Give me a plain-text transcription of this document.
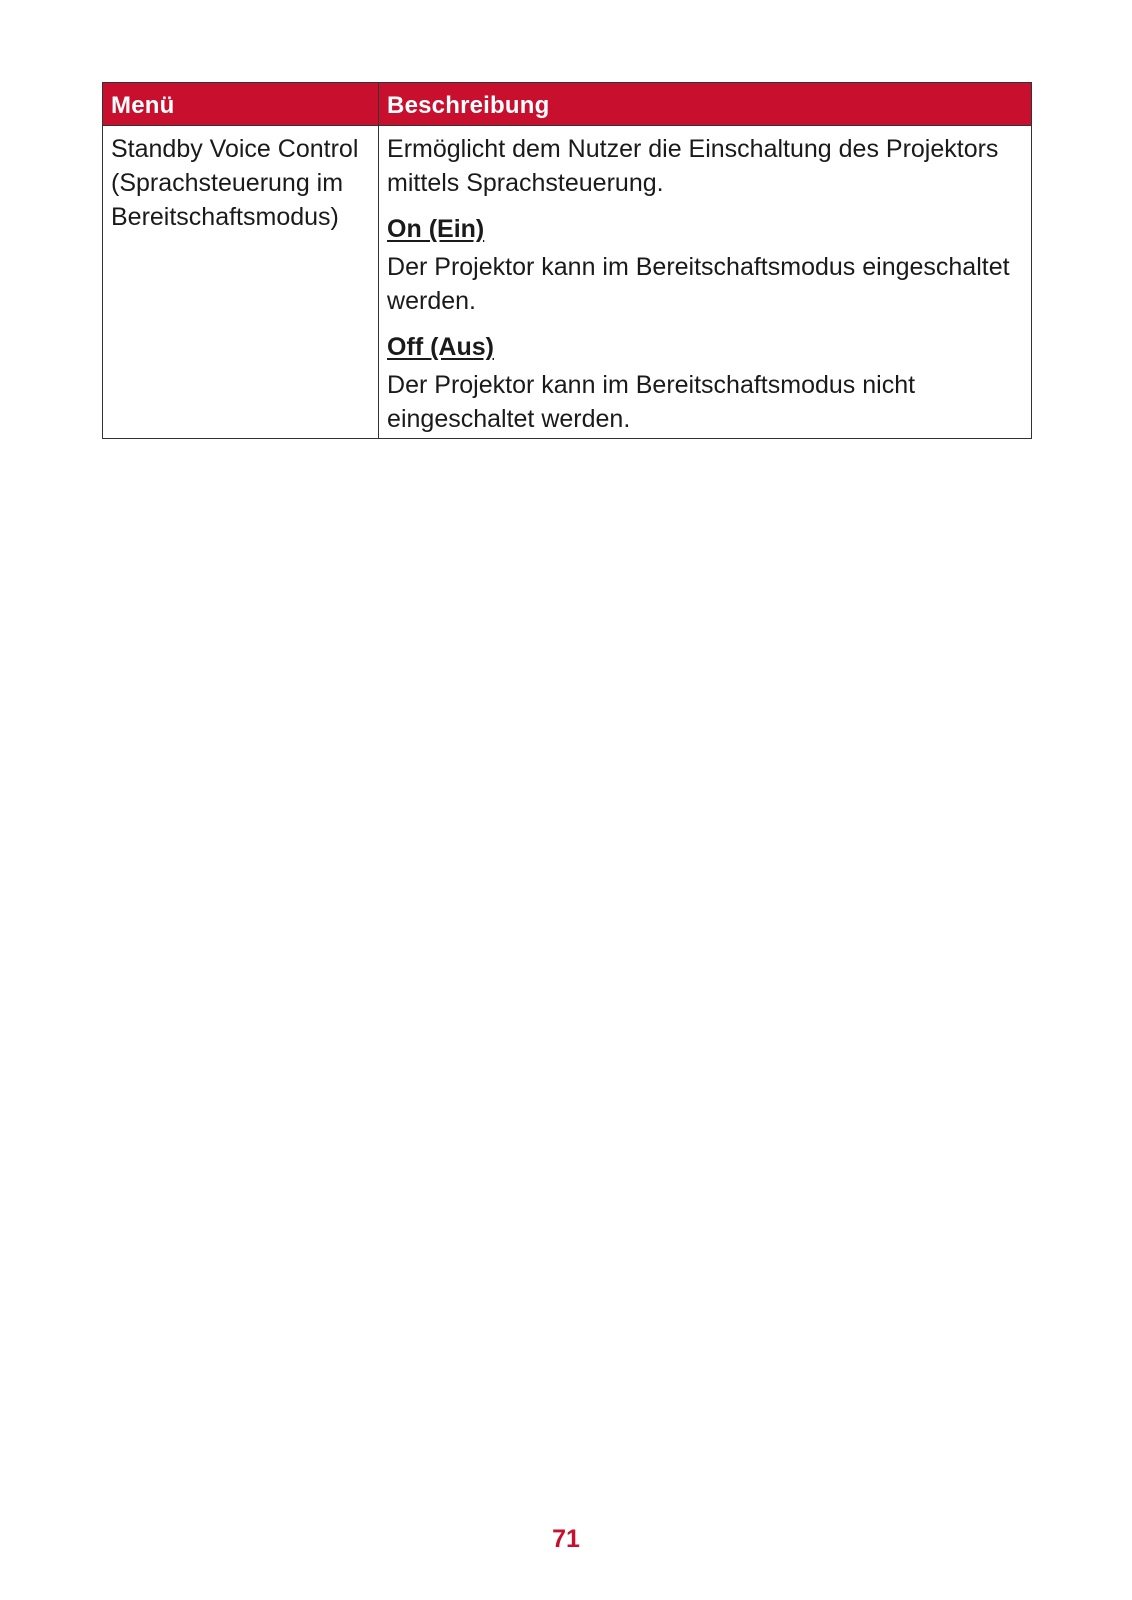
Menü	Beschreibung
Standby Voice Control (Sprachsteuerung im Bereitschaftsmodus)	Ermöglicht dem Nutzer die Einschaltung des Projektors mittels Sprachsteuerung.

On (Ein)

Der Projektor kann im Bereitschaftsmodus eingeschaltet werden.

Off (Aus)

Der Projektor kann im Bereitschaftsmodus nicht eingeschaltet werden.

71
